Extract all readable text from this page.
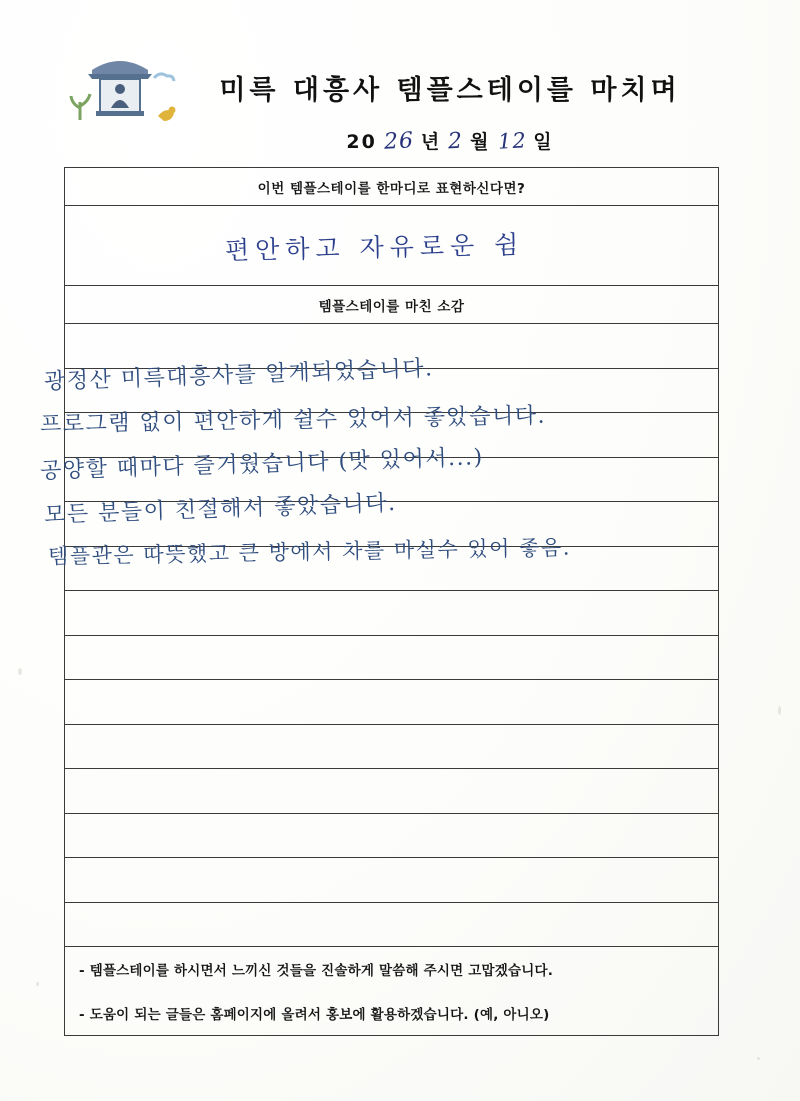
미륵 대흥사 템플스테이를 마치며
20 26 년 2 월 12 일
이번 템플스테이를 한마디로 표현하신다면?
편안하고 자유로운 쉼
템플스테이를 마친 소감
- 템플스테이를 하시면서 느끼신 것들을 진솔하게 말씀해 주시면 고맙겠습니다.
- 도움이 되는 글들은 홈페이지에 올려서 홍보에 활용하겠습니다. (예, 아니오)
광정산 미륵대흥사를 알게되었습니다.
프로그램 없이 편안하게 쉴수 있어서 좋았습니다.
공양할 때마다 즐거웠습니다 (맛 있어서...)
모든 분들이 친절해서 좋았습니다.
템플관은 따뜻했고 큰 방에서 차를 마실수 있어 좋음.
